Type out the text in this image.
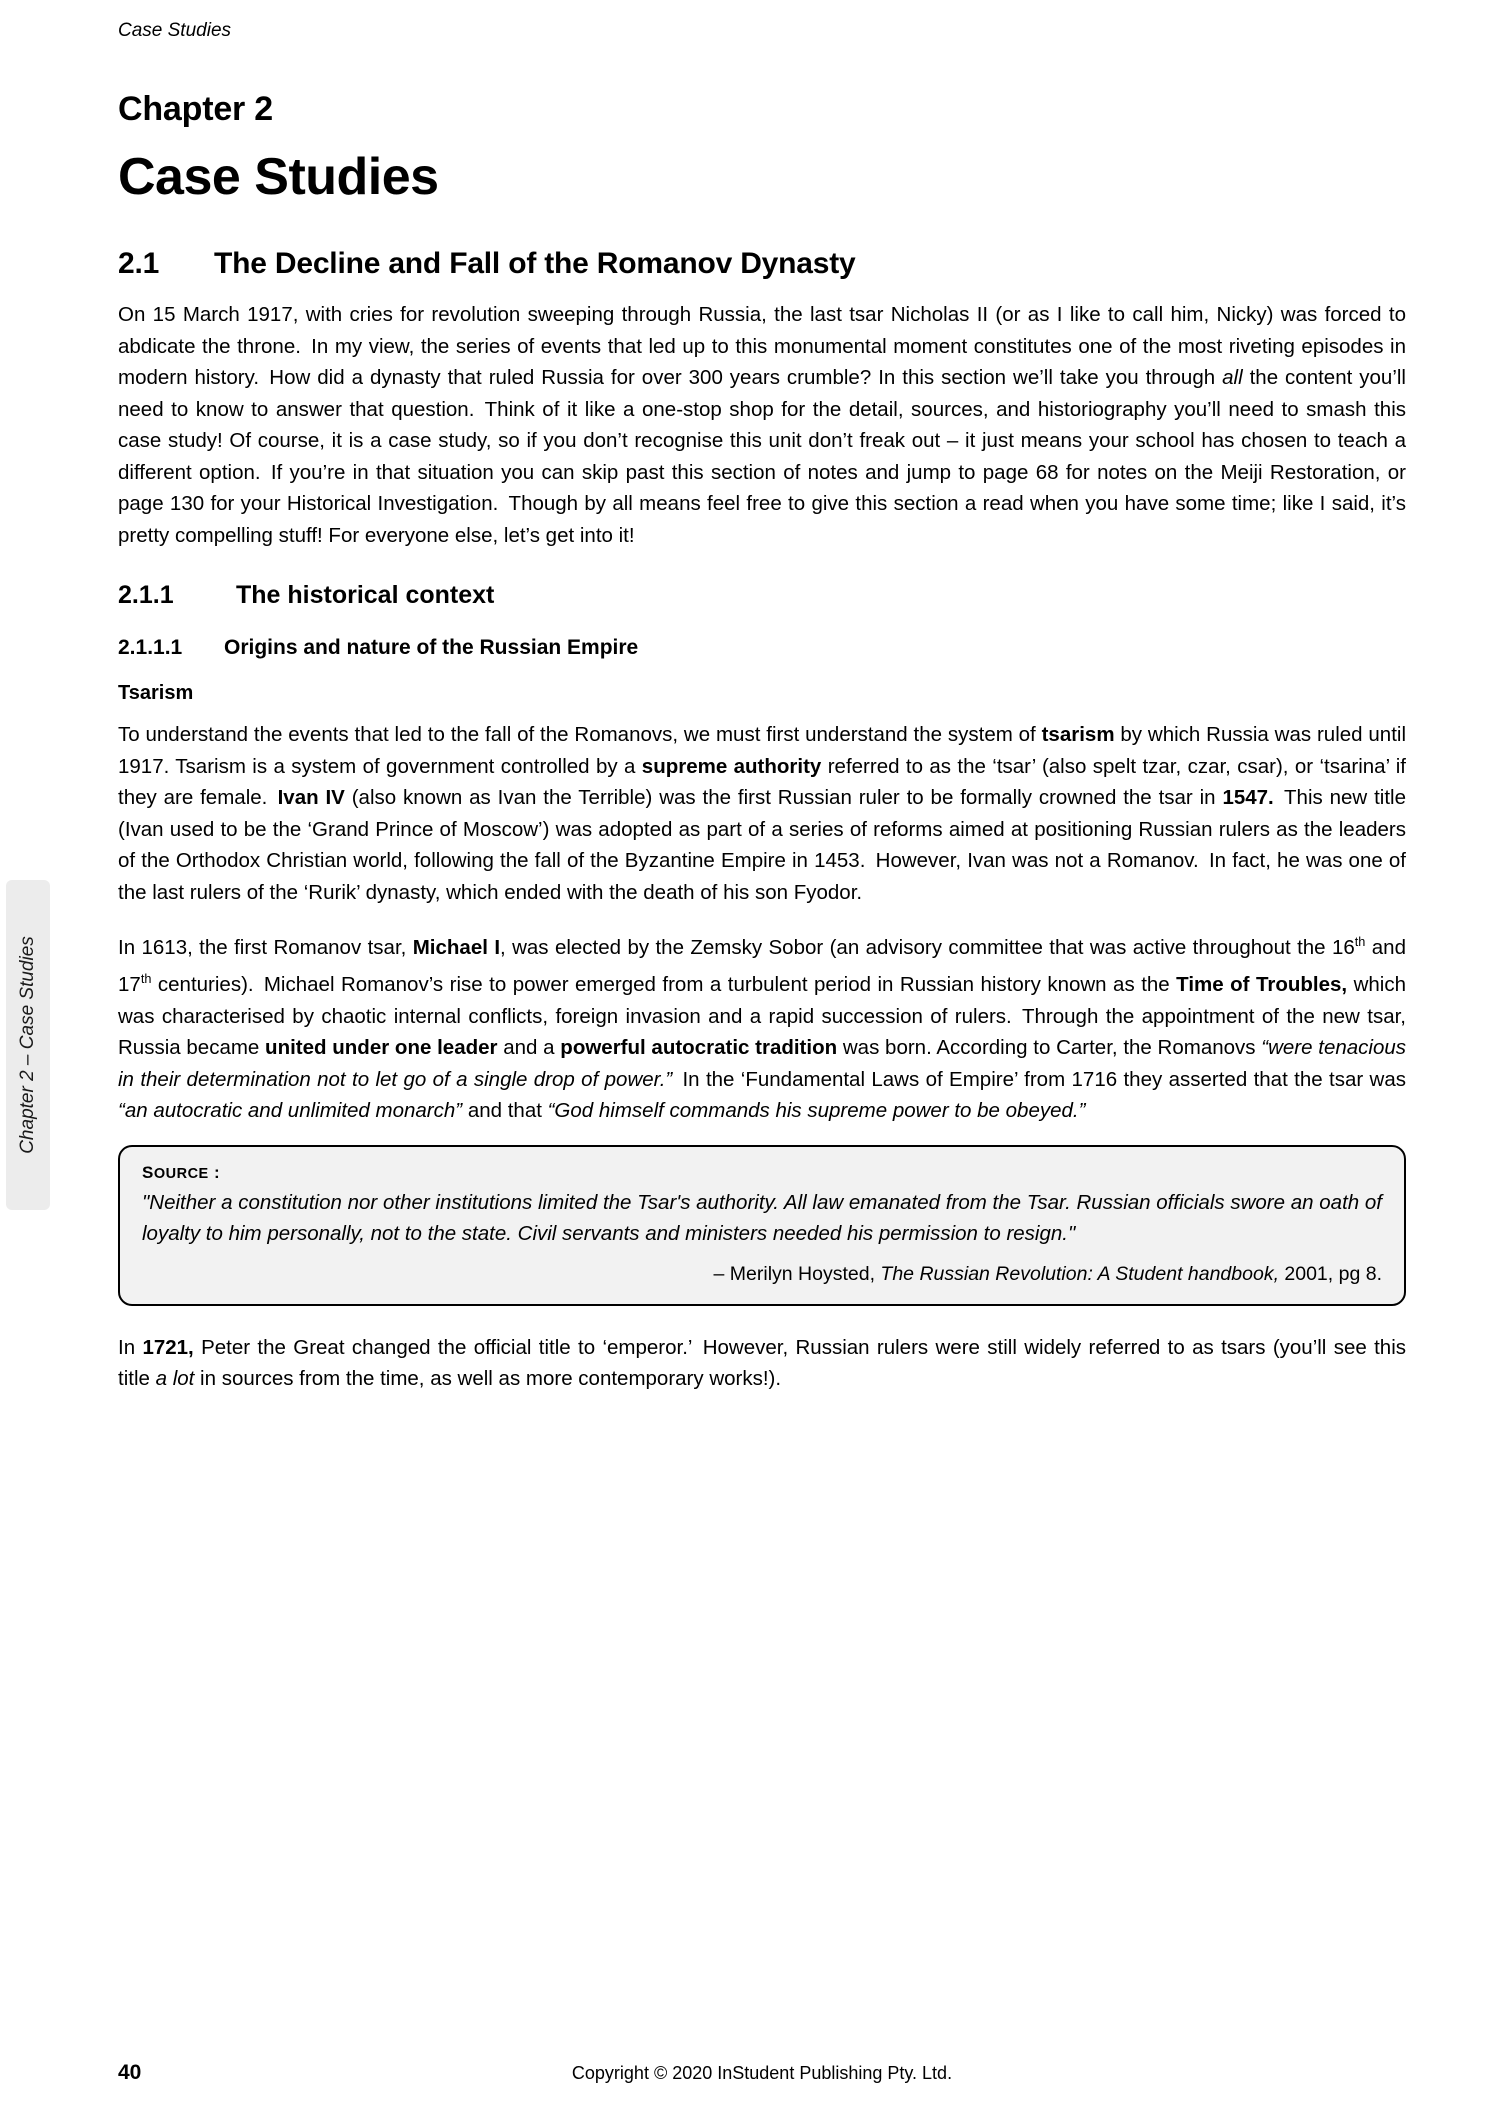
Case Studies
Chapter 2 – Case Studies
Chapter 2
Case Studies
2.1 The Decline and Fall of the Romanov Dynasty

On 15 March 1917, with cries for revolution sweeping through Russia, the last tsar Nicholas II (or as I like to call him, Nicky) was forced to abdicate the throne. In my view, the series of events that led up to this monumental moment constitutes one of the most riveting episodes in modern history. How did a dynasty that ruled Russia for over 300 years crumble? In this section we’ll take you through all the content you’ll need to know to answer that question. Think of it like a one-stop shop for the detail, sources, and historiography you’ll need to smash this case study! Of course, it is a case study, so if you don’t recognise this unit don’t freak out – it just means your school has chosen to teach a different option. If you’re in that situation you can skip past this section of notes and jump to page 68 for notes on the Meiji Restoration, or page 130 for your Historical Investigation. Though by all means feel free to give this section a read when you have some time; like I said, it’s pretty compelling stuff! For everyone else, let’s get into it!

2.1.1 The historical context
2.1.1.1 Origins and nature of the Russian Empire
Tsarism

To understand the events that led to the fall of the Romanovs, we must first understand the system of tsarism by which Russia was ruled until 1917. Tsarism is a system of government controlled by a supreme authority referred to as the ‘tsar’ (also spelt tzar, czar, csar), or ‘tsarina’ if they are female. Ivan IV (also known as Ivan the Terrible) was the first Russian ruler to be formally crowned the tsar in 1547. This new title (Ivan used to be the ‘Grand Prince of Moscow’) was adopted as part of a series of reforms aimed at positioning Russian rulers as the leaders of the Orthodox Christian world, following the fall of the Byzantine Empire in 1453. However, Ivan was not a Romanov. In fact, he was one of the last rulers of the ‘Rurik’ dynasty, which ended with the death of his son Fyodor.

In 1613, the first Romanov tsar, Michael I, was elected by the Zemsky Sobor (an advisory committee that was active throughout the 16th and 17th centuries). Michael Romanov’s rise to power emerged from a turbulent period in Russian history known as the Time of Troubles, which was characterised by chaotic internal conflicts, foreign invasion and a rapid succession of rulers. Through the appointment of the new tsar, Russia became united under one leader and a powerful autocratic tradition was born. According to Carter, the Romanovs “were tenacious in their determination not to let go of a single drop of power.” In the ‘Fundamental Laws of Empire’ from 1716 they asserted that the tsar was “an autocratic and unlimited monarch” and that “God himself commands his supreme power to be obeyed.”

SOURCE :

"Neither a constitution nor other institutions limited the Tsar's authority. All law emanated from the Tsar. Russian officials swore an oath of loyalty to him personally, not to the state. Civil servants and ministers needed his permission to resign."

– Merilyn Hoysted, The Russian Revolution: A Student handbook, 2001, pg 8.

In 1721, Peter the Great changed the official title to ‘emperor.’ However, Russian rulers were still widely referred to as tsars (you’ll see this title a lot in sources from the time, as well as more contemporary works!).

40	Copyright © 2020 InStudent Publishing Pty. Ltd.
